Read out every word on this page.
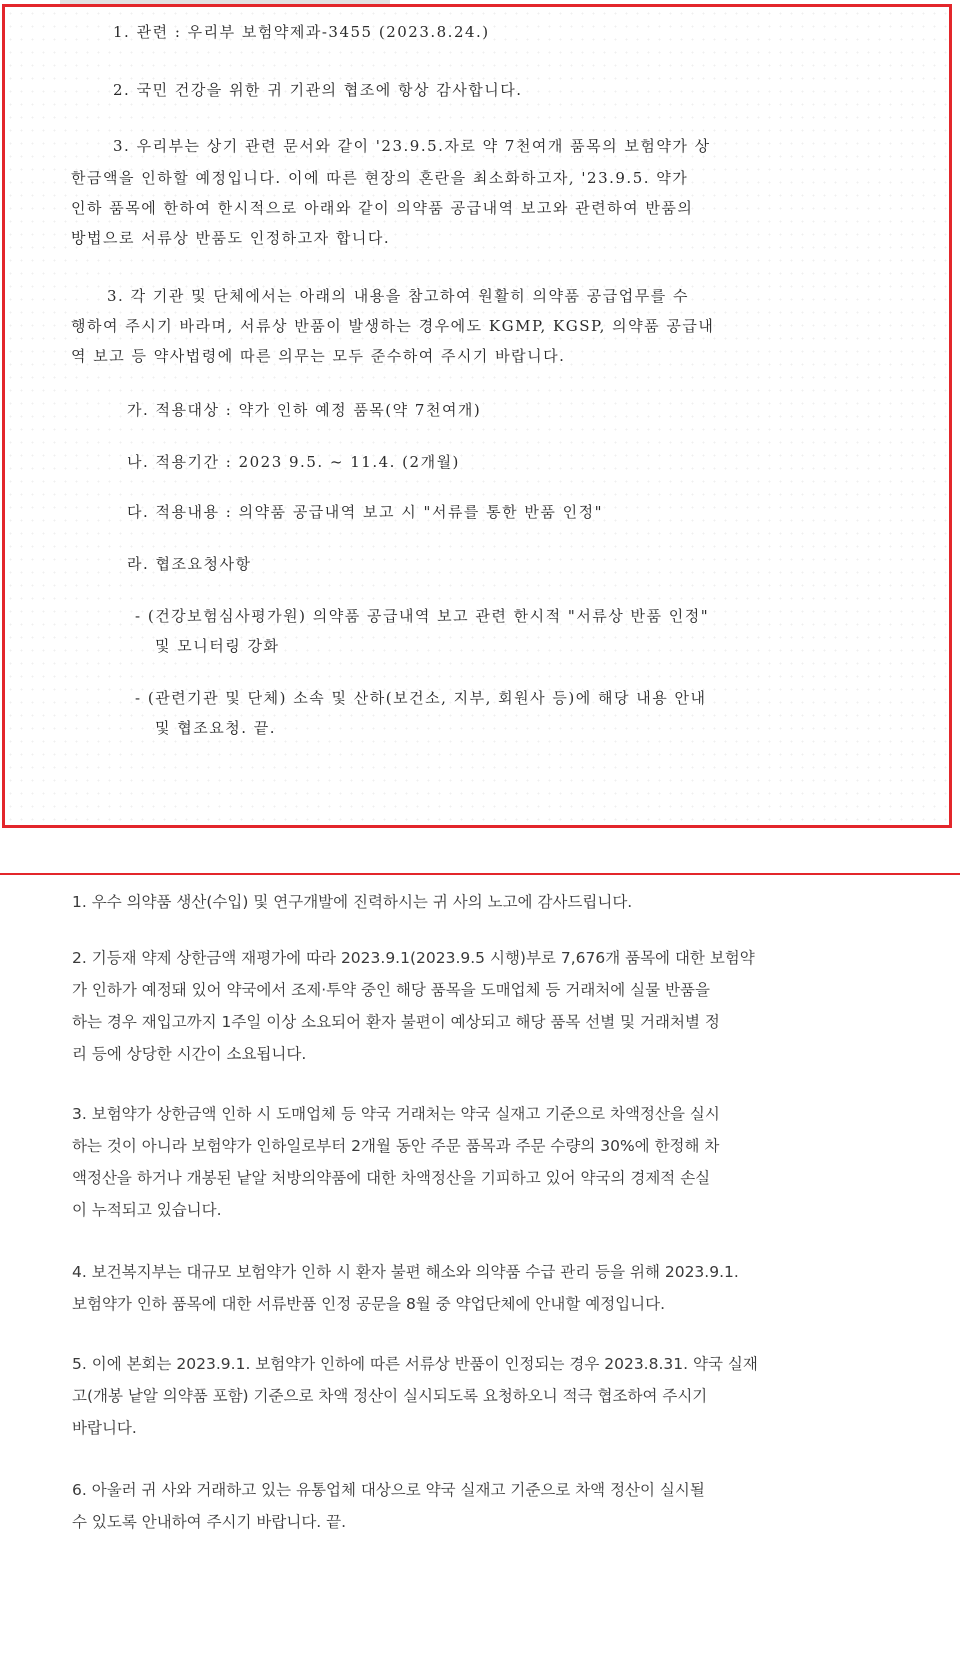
1. 관련 : 우리부 보험약제과-3455 (2023.8.24.)
2. 국민 건강을 위한 귀 기관의 협조에 항상 감사합니다.
3. 우리부는 상기 관련 문서와 같이 '23.9.5.자로 약 7천여개 품목의 보험약가 상
한금액을 인하할 예정입니다. 이에 따른 현장의 혼란을 최소화하고자, '23.9.5. 약가
인하 품목에 한하여 한시적으로 아래와 같이 의약품 공급내역 보고와 관련하여 반품의
방법으로 서류상 반품도 인정하고자 합니다.
3. 각 기관 및 단체에서는 아래의 내용을 참고하여 원활히 의약품 공급업무를 수
행하여 주시기 바라며, 서류상 반품이 발생하는 경우에도 KGMP, KGSP, 의약품 공급내
역 보고 등 약사법령에 따른 의무는 모두 준수하여 주시기 바랍니다.
가. 적용대상 : 약가 인하 예정 품목(약 7천여개)
나. 적용기간 : 2023 9.5. ~ 11.4. (2개월)
다. 적용내용 : 의약품 공급내역 보고 시 "서류를 통한 반품 인정"
라. 협조요청사항
- (건강보험심사평가원) 의약품 공급내역 보고 관련 한시적 "서류상 반품 인정"
및 모니터링 강화
- (관련기관 및 단체) 소속 및 산하(보건소, 지부, 회원사 등)에 해당 내용 안내
및 협조요청. 끝.
1. 우수 의약품 생산(수입) 및 연구개발에 진력하시는 귀 사의 노고에 감사드립니다.
2. 기등재 약제 상한금액 재평가에 따라 2023.9.1(2023.9.5 시행)부로 7,676개 품목에 대한 보험약
가 인하가 예정돼 있어 약국에서 조제·투약 중인 해당 품목을 도매업체 등 거래처에 실물 반품을
하는 경우 재입고까지 1주일 이상 소요되어 환자 불편이 예상되고 해당 품목 선별 및 거래처별 정
리 등에 상당한 시간이 소요됩니다.
3. 보험약가 상한금액 인하 시 도매업체 등 약국 거래처는 약국 실재고 기준으로 차액정산을 실시
하는 것이 아니라 보험약가 인하일로부터 2개월 동안 주문 품목과 주문 수량의 30%에 한정해 차
액정산을 하거나 개봉된 낱알 처방의약품에 대한 차액정산을 기피하고 있어 약국의 경제적 손실
이 누적되고 있습니다.
4. 보건복지부는 대규모 보험약가 인하 시 환자 불편 해소와 의약품 수급 관리 등을 위해 2023.9.1.
보험약가 인하 품목에 대한 서류반품 인정 공문을 8월 중 약업단체에 안내할 예정입니다.
5. 이에 본회는 2023.9.1. 보험약가 인하에 따른 서류상 반품이 인정되는 경우 2023.8.31. 약국 실재
고(개봉 낱알 의약품 포함) 기준으로 차액 정산이 실시되도록 요청하오니 적극 협조하여 주시기
바랍니다.
6. 아울러 귀 사와 거래하고 있는 유통업체 대상으로 약국 실재고 기준으로 차액 정산이 실시될
수 있도록 안내하여 주시기 바랍니다. 끝.
